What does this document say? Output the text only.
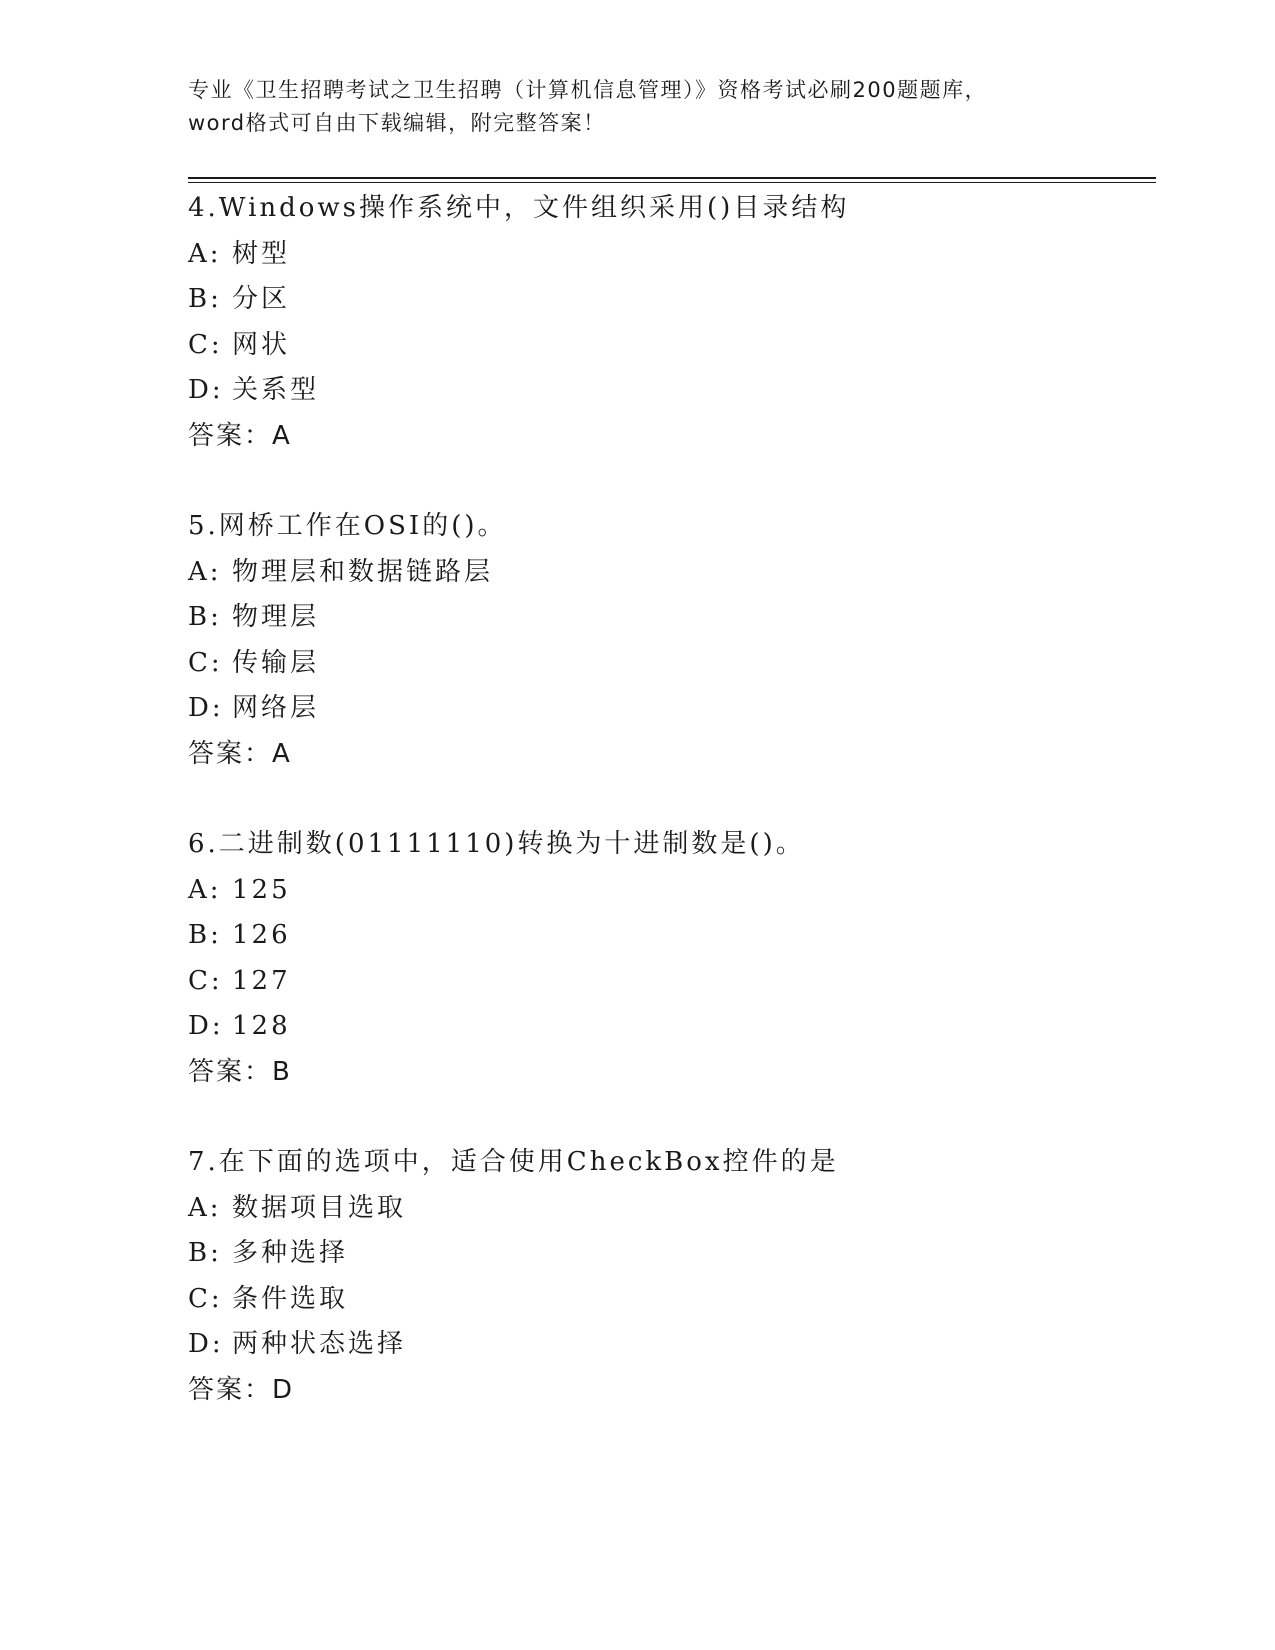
专业《卫生招聘考试之卫生招聘（计算机信息管理）》资格考试必刷200题题库，
word格式可自由下载编辑，附完整答案！
4.Windows操作系统中，文件组织采用()目录结构
A: 树型
B: 分区
C: 网状
D: 关系型
答案：A
5.网桥工作在OSI的()。
A: 物理层和数据链路层
B: 物理层
C: 传输层
D: 网络层
答案：A
6.二进制数(01111110)转换为十进制数是()。
A: 125
B: 126
C: 127
D: 128
答案：B
7.在下面的选项中，适合使用CheckBox控件的是
A: 数据项目选取
B: 多种选择
C: 条件选取
D: 两种状态选择
答案：D
